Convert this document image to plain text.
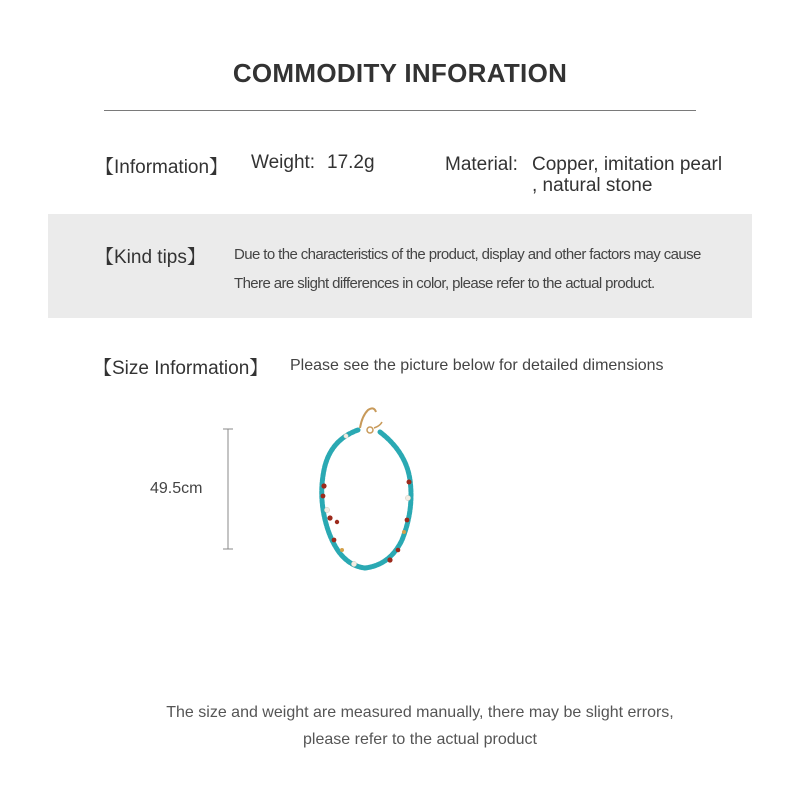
COMMODITY INFORATION
【Information】 Weight: 17.2g	Material: Copper, imitation pearl
, natural stone
【Kind tips】 Due to the characteristics of the product, display and other factors may cause
There are slight differences in color, please refer to the actual product.
【Size Information】 Please see the picture below for detailed dimensions
49.5cm
The size and weight are measured manually, there may be slight errors,
please refer to the actual product
